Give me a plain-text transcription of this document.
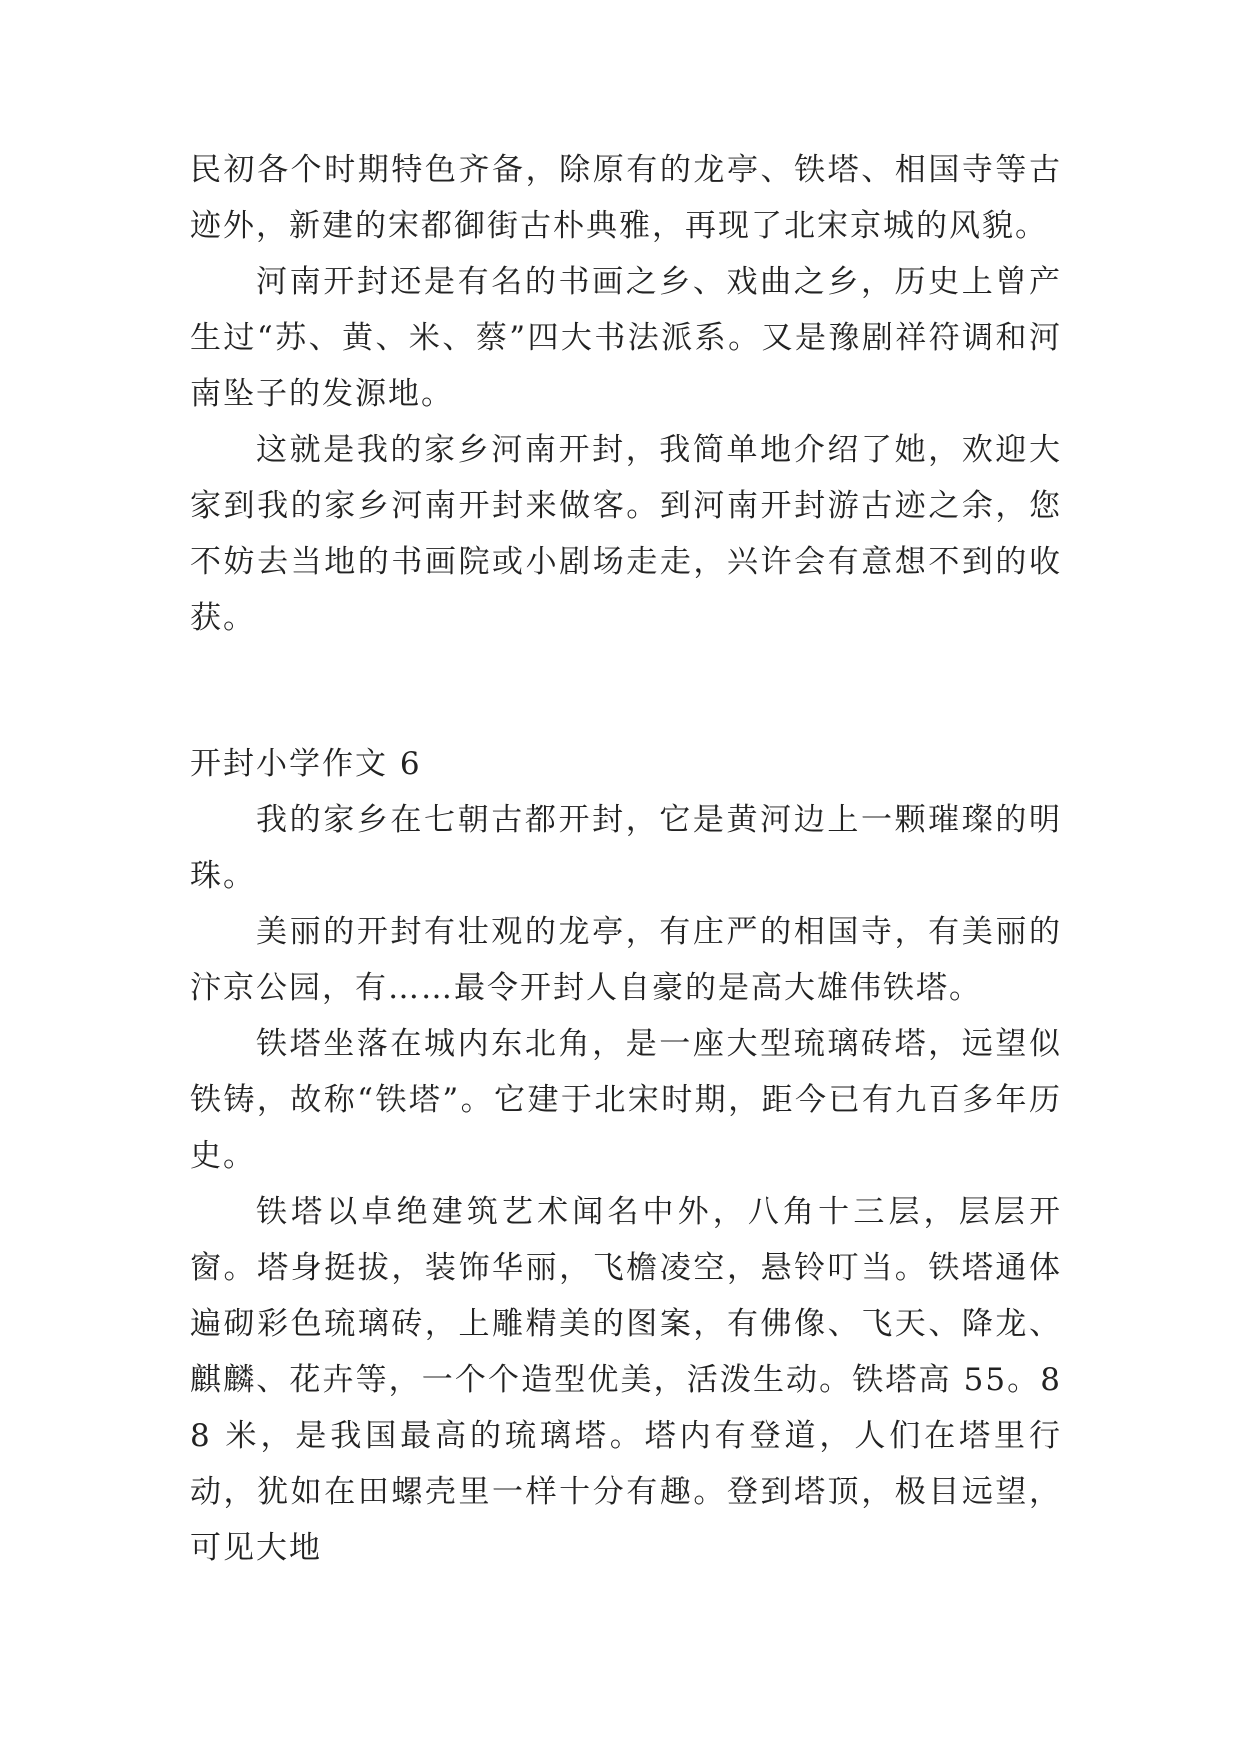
民初各个时期特色齐备，除原有的龙亭、铁塔、相国寺等古迹外，新建的宋都御街古朴典雅，再现了北宋京城的风貌。

河南开封还是有名的书画之乡、戏曲之乡，历史上曾产生过“苏、黄、米、蔡”四大书法派系。又是豫剧祥符调和河南坠子的发源地。

这就是我的家乡河南开封，我简单地介绍了她，欢迎大家到我的家乡河南开封来做客。到河南开封游古迹之余，您不妨去当地的书画院或小剧场走走，兴许会有意想不到的收获。

开封小学作文 6

我的家乡在七朝古都开封，它是黄河边上一颗璀璨的明珠。

美丽的开封有壮观的龙亭，有庄严的相国寺，有美丽的汴京公园，有……最令开封人自豪的是高大雄伟铁塔。

铁塔坐落在城内东北角，是一座大型琉璃砖塔，远望似铁铸，故称“铁塔”。它建于北宋时期，距今已有九百多年历史。

铁塔以卓绝建筑艺术闻名中外，八角十三层，层层开窗。塔身挺拔，装饰华丽，飞檐凌空，悬铃叮当。铁塔通体遍砌彩色琉璃砖，上雕精美的图案，有佛像、飞天、降龙、麒麟、花卉等，一个个造型优美，活泼生动。铁塔高 55。88 米，是我国最高的琉璃塔。塔内有登道，人们在塔里行动，犹如在田螺壳里一样十分有趣。登到塔顶，极目远望，可见大地
